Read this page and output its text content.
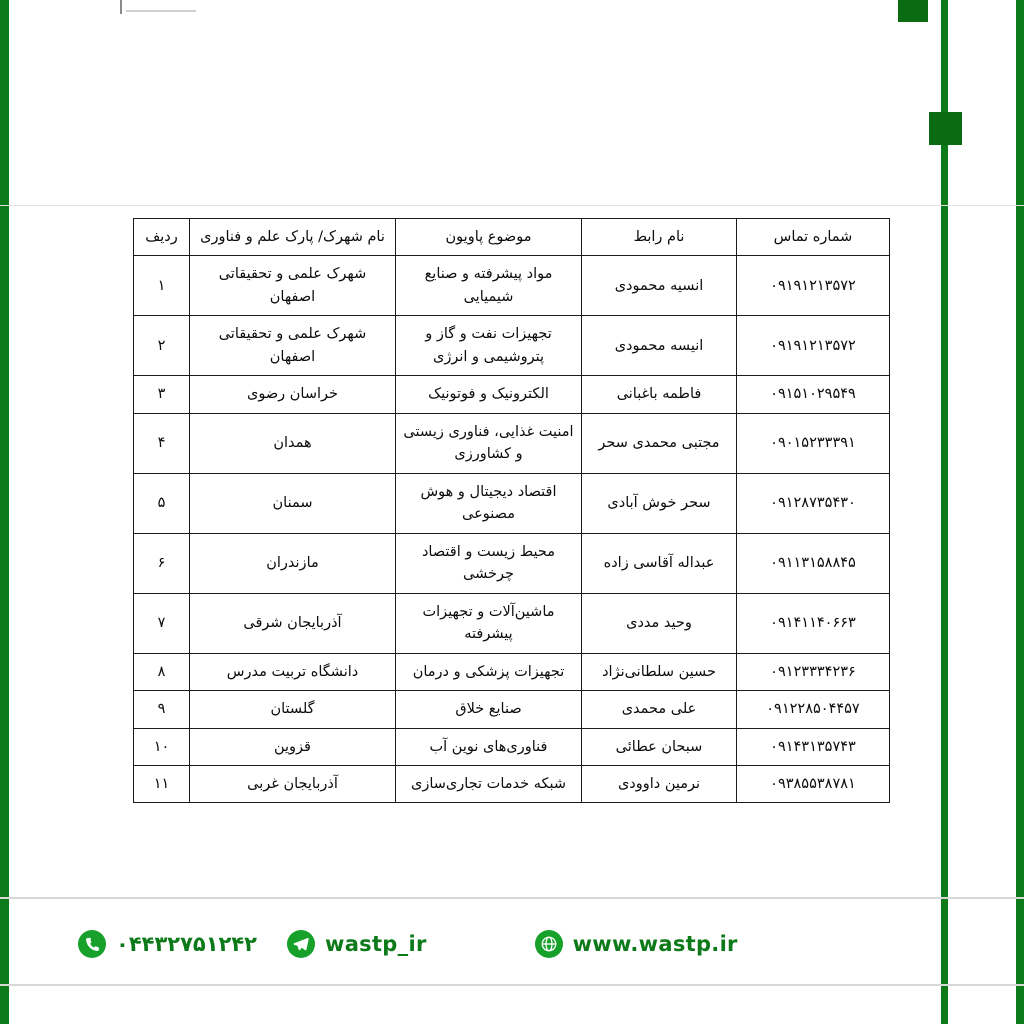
شماره تماس	نام رابط	موضوع پاویون	نام شهرک/ پارک علم و فناوری	ردیف
۰۹۱۹۱۲۱۳۵۷۲	انسیه محمودی	مواد پیشرفته و صنایع شیمیایی	شهرک علمی و تحقیقاتی اصفهان	۱
۰۹۱۹۱۲۱۳۵۷۲	انیسه محمودی	تجهیزات نفت و گاز و پتروشیمی و انرژی	شهرک علمی و تحقیقاتی اصفهان	۲
۰۹۱۵۱۰۲۹۵۴۹	فاطمه باغبانی	الکترونیک و فوتونیک	خراسان رضوی	۳
۰۹۰۱۵۲۳۳۳۹۱	مجتبی محمدی سحر	امنیت غذایی، فناوری زیستی و کشاورزی	همدان	۴
۰۹۱۲۸۷۳۵۴۳۰	سحر خوش آبادی	اقتصاد دیجیتال و هوش مصنوعی	سمنان	۵
۰۹۱۱۳۱۵۸۸۴۵	عبداله آقاسی زاده	محیط زیست و اقتصاد چرخشی	مازندران	۶
۰۹۱۴۱۱۴۰۶۶۳	وحید مددی	ماشین‌آلات و تجهیزات پیشرفته	آذربایجان شرقی	۷
۰۹۱۲۳۳۳۴۲۳۶	حسین سلطانی‌نژاد	تجهیزات پزشکی و درمان	دانشگاه تربیت مدرس	۸
۰۹۱۲۲۸۵۰۴۴۵۷	علی محمدی	صنایع خلاق	گلستان	۹
۰۹۱۴۳۱۳۵۷۴۳	سبحان عطائی	فناوری‌های نوین آب	قزوین	۱۰
۰۹۳۸۵۵۳۸۷۸۱	نرمین داوودی	شبکه خدمات تجاری‌سازی	آذربایجان غربی	۱۱
www.wastp.ir
wastp_ir
۰۴۴۳۲۷۵۱۲۴۲
